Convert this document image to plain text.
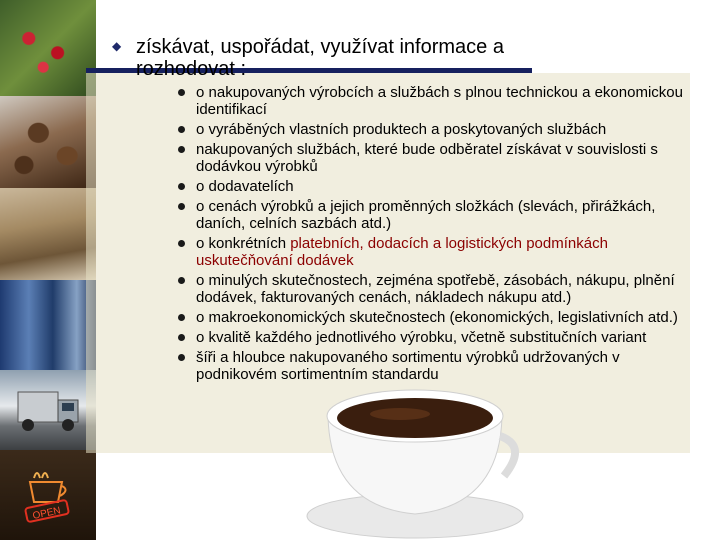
OPEN
◆ získávat, uspořádat, využívat informace a rozhodovat :

o nakupovaných výrobcích a službách s plnou technickou a ekonomickou identifikací
o vyráběných vlastních produktech a poskytovaných službách
nakupovaných službách, které bude odběratel získávat v souvislosti s dodávkou výrobků
o dodavatelích
o cenách výrobků a jejich proměnných složkách (slevách, přirážkách, daních, celních sazbách atd.)
o konkrétních platebních, dodacích a logistických podmínkách uskutečňování dodávek
o minulých skutečnostech, zejména spotřebě, zásobách, nákupu, plnění dodávek, fakturovaných cenách, nákladech nákupu atd.)
o makroekonomických skutečnostech (ekonomických, legislativních atd.)
o kvalitě každého jednotlivého výrobku, včetně substitučních variant
šíři a hloubce nakupovaného sortimentu výrobků udržovaných v podnikovém sortimentním standardu
